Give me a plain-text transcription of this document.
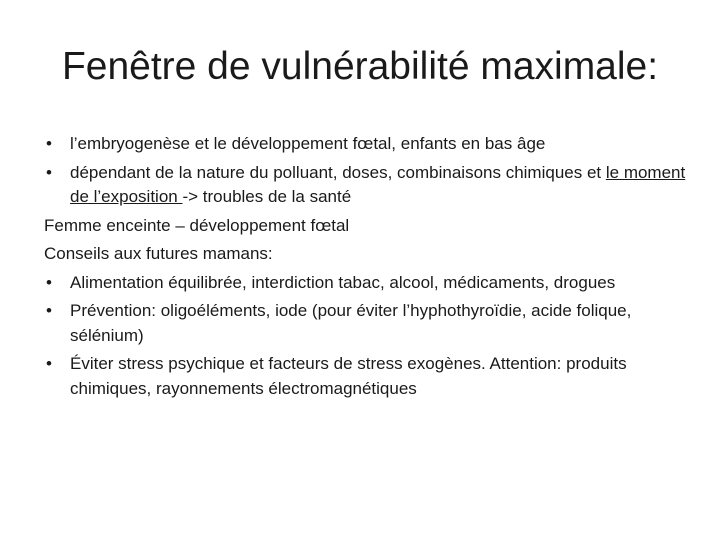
Fenêtre de vulnérabilité maximale:
• l’embryogenèse et le développement fœtal, enfants en bas âge
• dépendant de la nature du polluant, doses, combinaisons chimiques et le moment de l’exposition -> troubles de la santé
Femme enceinte – développement fœtal
Conseils aux futures mamans:
• Alimentation équilibrée, interdiction tabac, alcool, médicaments, drogues
• Prévention: oligoéléments, iode (pour éviter l’hyphothyroïdie, acide folique, sélénium)
• Éviter stress psychique et facteurs de stress exogènes. Attention: produits chimiques, rayonnements électromagnétiques
